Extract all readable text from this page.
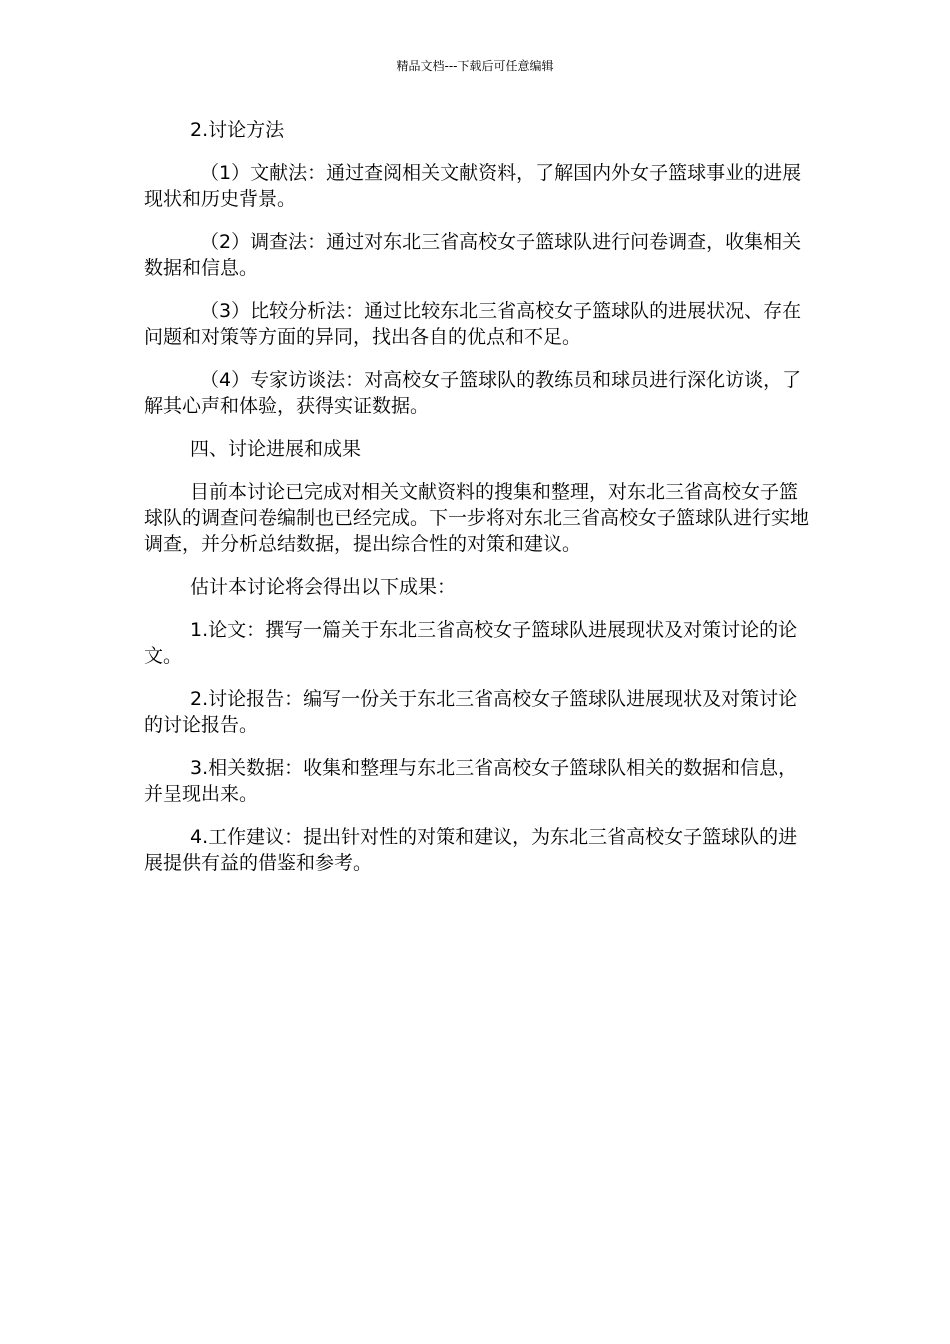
精品文档---下载后可任意编辑

2.讨论方法

（1）文献法：通过查阅相关文献资料，了解国内外女子篮球事业的进展现状和历史背景。

（2）调查法：通过对东北三省高校女子篮球队进行问卷调查，收集相关数据和信息。

（3）比较分析法：通过比较东北三省高校女子篮球队的进展状况、存在问题和对策等方面的异同，找出各自的优点和不足。

（4）专家访谈法：对高校女子篮球队的教练员和球员进行深化访谈，了解其心声和体验，获得实证数据。

四、讨论进展和成果

目前本讨论已完成对相关文献资料的搜集和整理，对东北三省高校女子篮球队的调查问卷编制也已经完成。下一步将对东北三省高校女子篮球队进行实地调查，并分析总结数据，提出综合性的对策和建议。

估计本讨论将会得出以下成果：

1.论文：撰写一篇关于东北三省高校女子篮球队进展现状及对策讨论的论文。

2.讨论报告：编写一份关于东北三省高校女子篮球队进展现状及对策讨论的讨论报告。

3.相关数据：收集和整理与东北三省高校女子篮球队相关的数据和信息，并呈现出来。

4.工作建议：提出针对性的对策和建议，为东北三省高校女子篮球队的进展提供有益的借鉴和参考。
